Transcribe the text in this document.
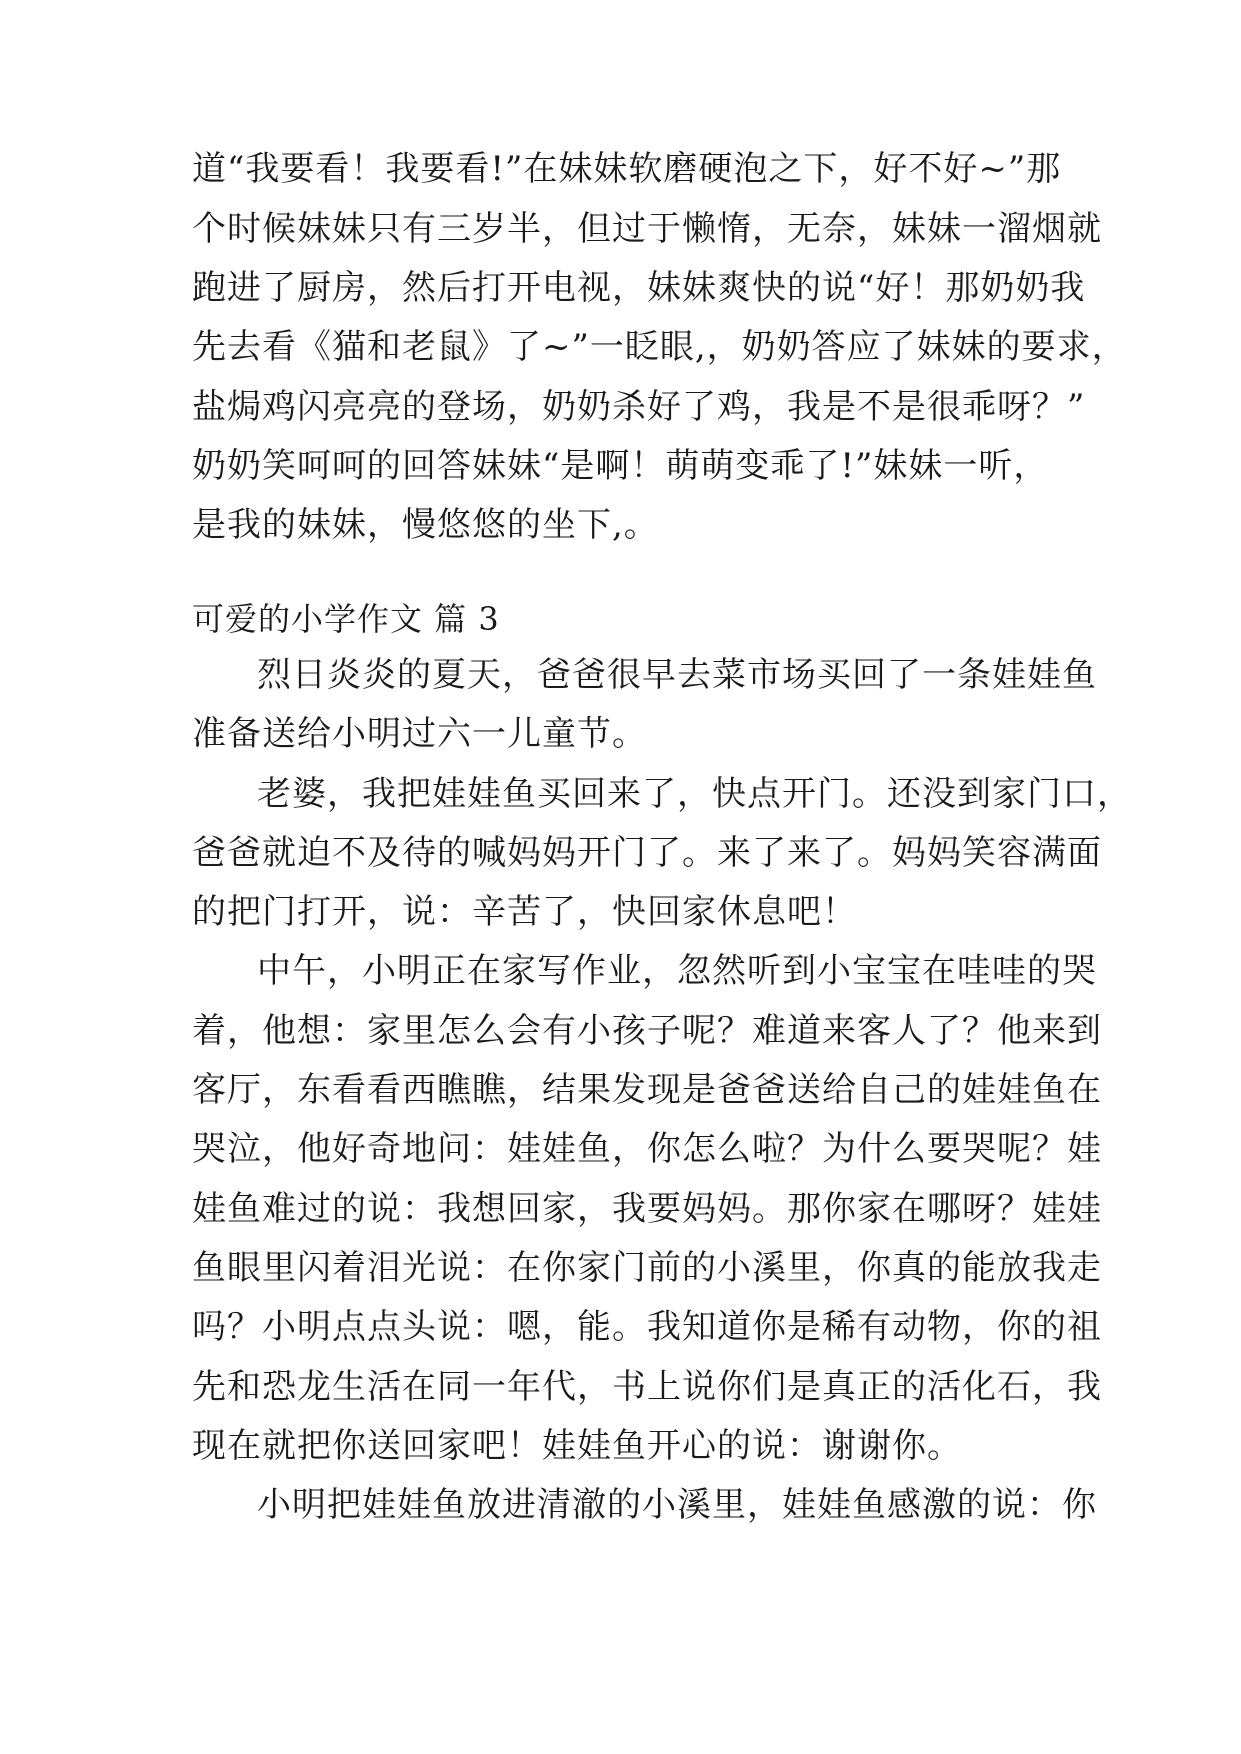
道“我要看！我要看!”在妹妹软磨硬泡之下，好不好~”那
个时候妹妹只有三岁半，但过于懒惰，无奈，妹妹一溜烟就
跑进了厨房，然后打开电视，妹妹爽快的说“好！那奶奶我
先去看《猫和老鼠》了~”一眨眼,，奶奶答应了妹妹的要求，
盐焗鸡闪亮亮的登场，奶奶杀好了鸡，我是不是很乖呀？”
奶奶笑呵呵的回答妹妹“是啊！萌萌变乖了!”妹妹一听，
是我的妹妹，慢悠悠的坐下,。
可爱的小学作文 篇 3
烈日炎炎的夏天，爸爸很早去菜市场买回了一条娃娃鱼
准备送给小明过六一儿童节。
老婆，我把娃娃鱼买回来了，快点开门。还没到家门口，
爸爸就迫不及待的喊妈妈开门了。来了来了。妈妈笑容满面
的把门打开，说：辛苦了，快回家休息吧！
中午，小明正在家写作业，忽然听到小宝宝在哇哇的哭
着，他想：家里怎么会有小孩子呢？难道来客人了？他来到
客厅，东看看西瞧瞧，结果发现是爸爸送给自己的娃娃鱼在
哭泣，他好奇地问：娃娃鱼，你怎么啦？为什么要哭呢？娃
娃鱼难过的说：我想回家，我要妈妈。那你家在哪呀？娃娃
鱼眼里闪着泪光说：在你家门前的小溪里，你真的能放我走
吗？小明点点头说：嗯，能。我知道你是稀有动物，你的祖
先和恐龙生活在同一年代，书上说你们是真正的活化石，我
现在就把你送回家吧！娃娃鱼开心的说：谢谢你。
小明把娃娃鱼放进清澈的小溪里，娃娃鱼感激的说：你
